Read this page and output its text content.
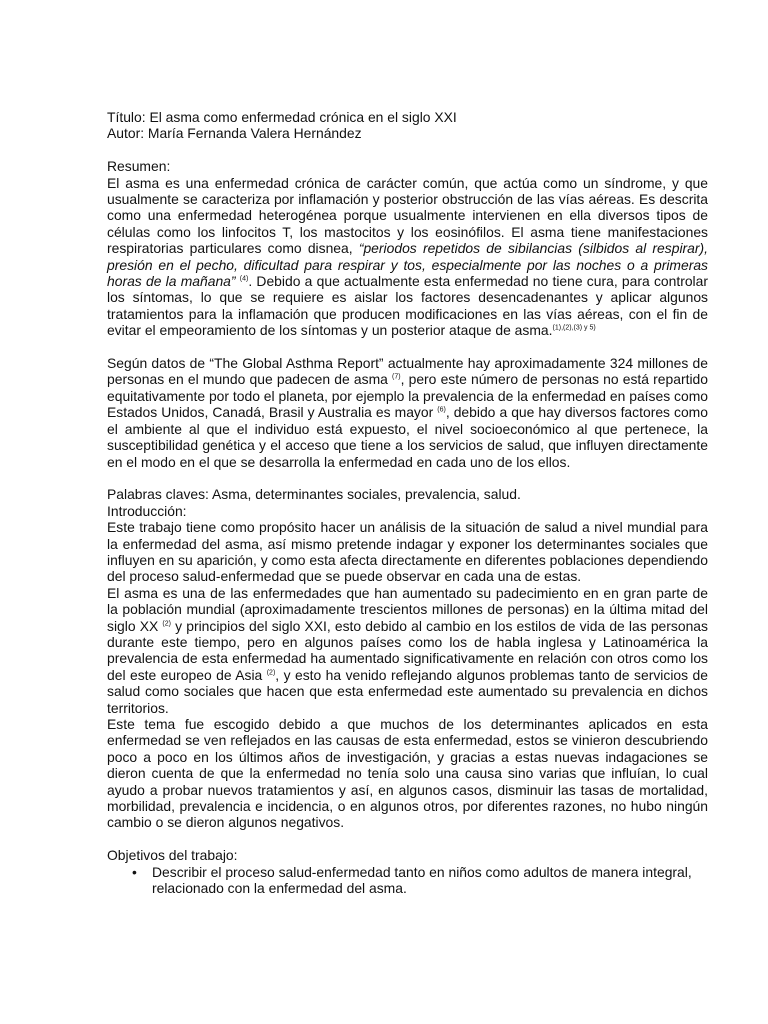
Título: El asma como enfermedad crónica en el siglo XXI

Autor: María Fernanda Valera Hernández

Resumen:

El asma es una enfermedad crónica de carácter común, que actúa como un síndrome, y que usualmente se caracteriza por inflamación y posterior obstrucción de las vías aéreas. Es descrita como una enfermedad heterogénea porque usualmente intervienen en ella diversos tipos de células como los linfocitos T, los mastocitos y los eosinófilos. El asma tiene manifestaciones respiratorias particulares como disnea, “periodos repetidos de sibilancias (silbidos al respirar), presión en el pecho, dificultad para respirar y tos, especialmente por las noches o a primeras horas de la mañana” $^{(4)}$. Debido a que actualmente esta enfermedad no tiene cura, para controlar los síntomas, lo que se requiere es aislar los factores desencadenantes y aplicar algunos tratamientos para la inflamación que producen modificaciones en las vías aéreas, con el fin de evitar el empeoramiento de los síntomas y un posterior ataque de asma.$^{(1),(2),(3) y 5)}$

Según datos de “The Global Asthma Report” actualmente hay aproximadamente 324 millones de personas en el mundo que padecen de asma $^{(7)}$, pero este número de personas no está repartido equitativamente por todo el planeta, por ejemplo la prevalencia de la enfermedad en países como Estados Unidos, Canadá, Brasil y Australia es mayor $^{(6)}$, debido a que hay diversos factores como el ambiente al que el individuo está expuesto, el nivel socioeconómico al que pertenece, la susceptibilidad genética y el acceso que tiene a los servicios de salud, que influyen directamente en el modo en el que se desarrolla la enfermedad en cada uno de los ellos.

Palabras claves: Asma, determinantes sociales, prevalencia, salud.

Introducción:

Este trabajo tiene como propósito hacer un análisis de la situación de salud a nivel mundial para la enfermedad del asma, así mismo pretende indagar y exponer los determinantes sociales que influyen en su aparición, y como esta afecta directamente en diferentes poblaciones dependiendo del proceso salud-enfermedad que se puede observar en cada una de estas.

El asma es una de las enfermedades que han aumentado su padecimiento en en gran parte de la población mundial (aproximadamente trescientos millones de personas) en la última mitad del siglo XX $^{(2)}$ y principios del siglo XXI, esto debido al cambio en los estilos de vida de las personas durante este tiempo, pero en algunos países como los de habla inglesa y Latinoamérica la prevalencia de esta enfermedad ha aumentado significativamente en relación con otros como los del este europeo de Asia $^{(2)}$, y esto ha venido reflejando algunos problemas tanto de servicios de salud como sociales que hacen que esta enfermedad este aumentado su prevalencia en dichos territorios.

Este tema fue escogido debido a que muchos de los determinantes aplicados en esta enfermedad se ven reflejados en las causas de esta enfermedad, estos se vinieron descubriendo poco a poco en los últimos años de investigación, y gracias a estas nuevas indagaciones se dieron cuenta de que la enfermedad no tenía solo una causa sino varias que influían, lo cual ayudo a probar nuevos tratamientos y así, en algunos casos, disminuir las tasas de mortalidad, morbilidad, prevalencia e incidencia, o en algunos otros, por diferentes razones, no hubo ningún cambio o se dieron algunos negativos.

Objetivos del trabajo:

• Describir el proceso salud-enfermedad tanto en niños como adultos de manera integral, relacionado con la enfermedad del asma.
